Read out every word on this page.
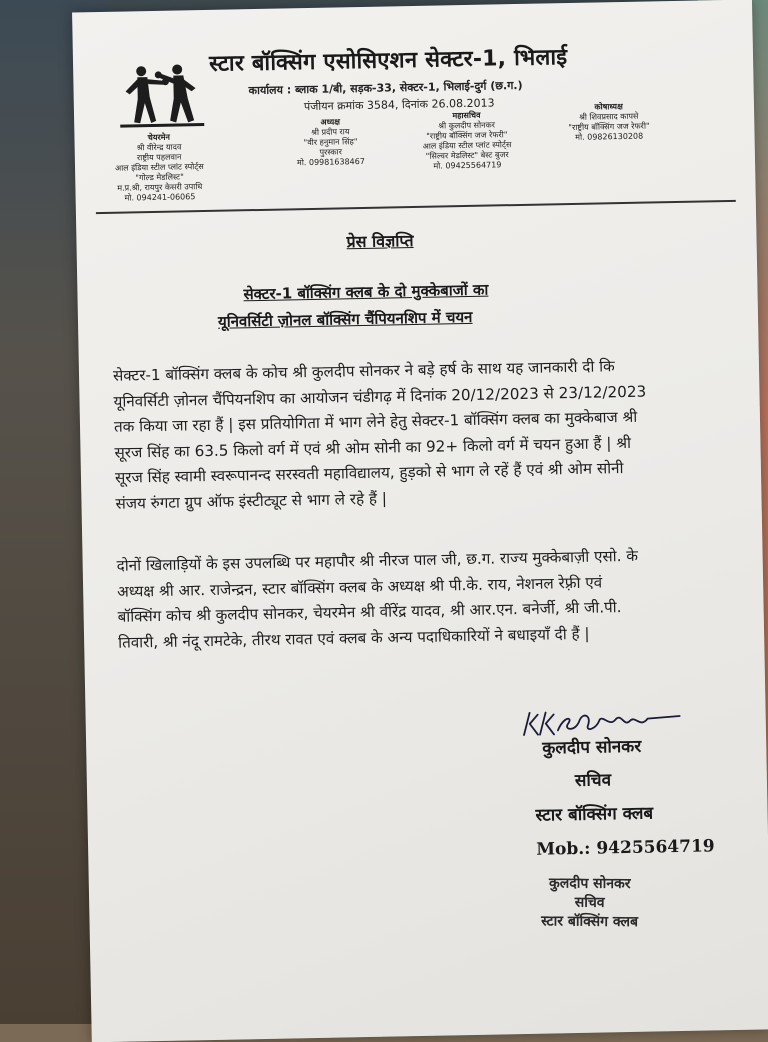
स्टार बॉक्सिंग एसोसिएशन सेक्टर-1, भिलाई
कार्यालय : ब्लाक 1/बी, सड़क-33, सेक्टर-1, भिलाई-दुर्ग (छ.ग.)
पंजीयन क्रमांक 3584, दिनांक 26.08.2013
चेयरमेन
श्री वीरेन्द्र यादव
राष्ट्रीय पहलवान
आल इंडिया स्टील प्लांट स्पोर्ट्स
"गोल्ड मेडलिस्ट"
म.प्र.श्री, रायपुर केसरी उपाधि
मो. 094241-06065
अध्यक्ष
श्री प्रदीप राय
"वीर हनुमान सिंह"
पुरस्कार
मो. 09981638467
महासचिव
श्री कुलदीप सोनकर
"राष्ट्रीय बॉक्सिंग जज रेफरी"
आल इंडिया स्टील प्लांट स्पोर्ट्स
"सिल्वर मेडलिस्ट" बेस्ट बुजर
मो. 09425564719
कोषाध्यक्ष
श्री शिवप्रसाद कापसे
"राष्ट्रीय बॉक्सिंग जज रेफरी"
मो. 09826130208
प्रेस विज्ञप्ति
सेक्टर-1 बॉक्सिंग क्लब के दो मुक्केबाजों का
यूनिवर्सिटी ज़ोनल बॉक्सिंग चैंपियनशिप में चयन
सेक्टर-1 बॉक्सिंग क्लब के कोच श्री कुलदीप सोनकर ने बड़े हर्ष के साथ यह जानकारी दी कि
यूनिवर्सिटी ज़ोनल चैंपियनशिप का आयोजन चंडीगढ़ में दिनांक 20/12/2023 से 23/12/2023
तक किया जा रहा हैं | इस प्रतियोगिता में भाग लेने हेतु सेक्टर-1 बॉक्सिंग क्लब का मुक्केबाज श्री
सूरज सिंह का 63.5 किलो वर्ग में एवं श्री ओम सोनी का 92+ किलो वर्ग में चयन हुआ हैं | श्री
सूरज सिंह स्वामी स्वरूपानन्द सरस्वती महाविद्यालय, हुड़को से भाग ले रहें हैं एवं श्री ओम सोनी
संजय रुंगटा ग्रुप ऑफ इंस्टीट्यूट से भाग ले रहे हैं |
दोनों खिलाड़ियों के इस उपलब्धि पर महापौर श्री नीरज पाल जी, छ.ग. राज्य मुक्केबाज़ी एसो. के
अध्यक्ष श्री आर. राजेन्द्रन, स्टार बॉक्सिंग क्लब के अध्यक्ष श्री पी.के. राय, नेशनल रेफ़्री एवं
बॉक्सिंग कोच श्री कुलदीप सोनकर, चेयरमेन श्री वींरेंद्र यादव, श्री आर.एन. बनेर्जी, श्री जी.पी.
तिवारी, श्री नंदू रामटेके, तीरथ रावत एवं क्लब के अन्य पदाधिकारियों ने बधाइयाँ दी हैं |
कुलदीप सोनकर
सचिव
स्टार बॉक्सिंग क्लब
Mob.: 9425564719
कुलदीप सोनकर
सचिव
स्टार बॉक्सिंग क्लब
